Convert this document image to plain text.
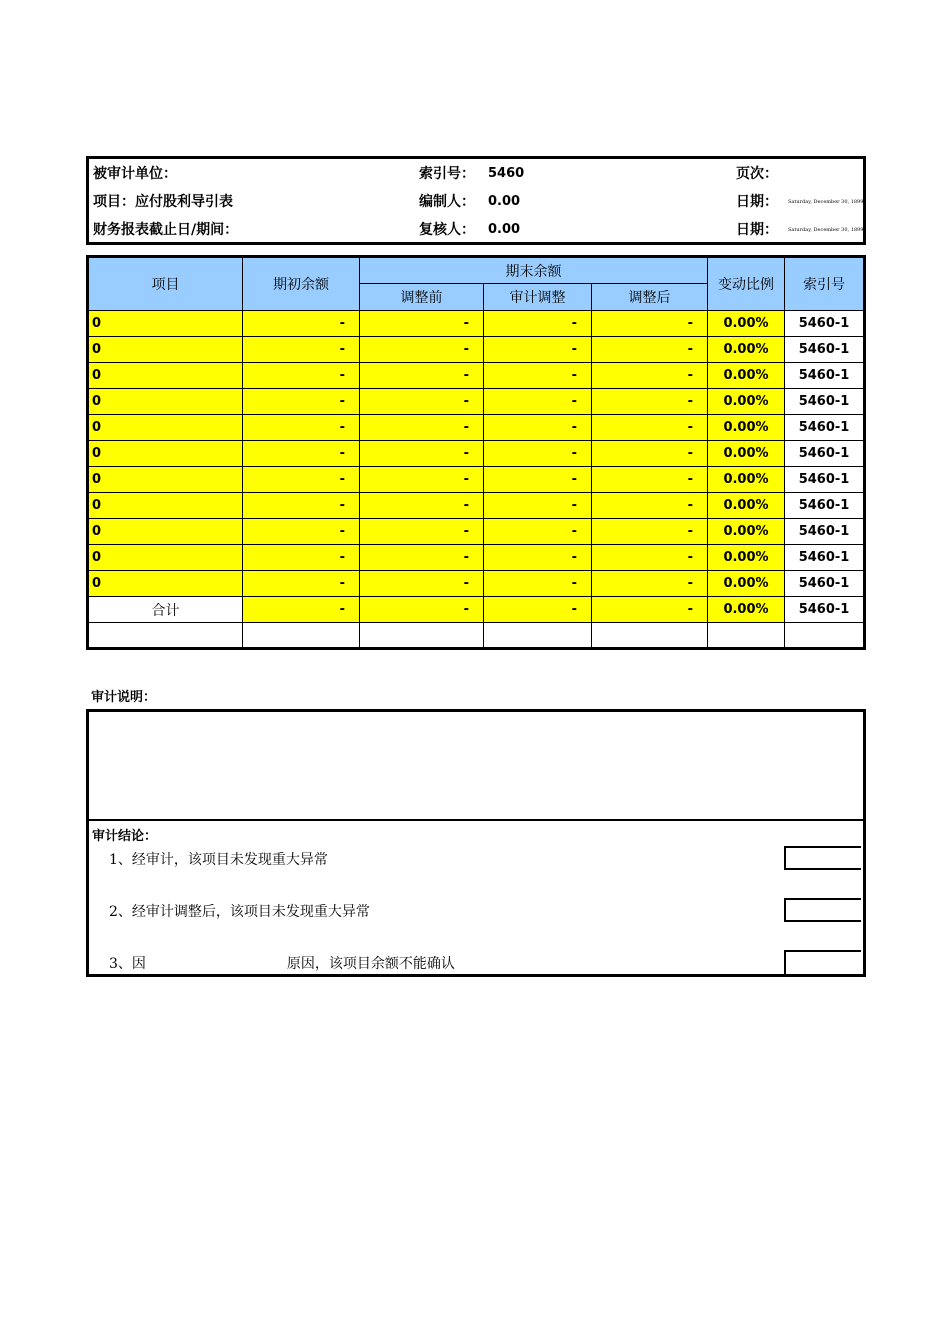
被审计单位：	索引号： 5460	页次：
项目：应付股利导引表	编制人： 0.00	日期： Saturday, December 30, 1899
财务报表截止日/期间：	复核人： 0.00	日期： Saturday, December 30, 1899
项目	期初余额	期末余额			变动比例	索引号
		调整前	审计调整	调整后		
0	-	-	-	-	0.00%	5460-1
0	-	-	-	-	0.00%	5460-1
0	-	-	-	-	0.00%	5460-1
0	-	-	-	-	0.00%	5460-1
0	-	-	-	-	0.00%	5460-1
0	-	-	-	-	0.00%	5460-1
0	-	-	-	-	0.00%	5460-1
0	-	-	-	-	0.00%	5460-1
0	-	-	-	-	0.00%	5460-1
0	-	-	-	-	0.00%	5460-1
0	-	-	-	-	0.00%	5460-1
合计	-	-	-	-	0.00%	5460-1

审计说明：
审计结论：
1、经审计，该项目未发现重大异常
2、经审计调整后，该项目未发现重大异常
3、因	原因，该项目余额不能确认
